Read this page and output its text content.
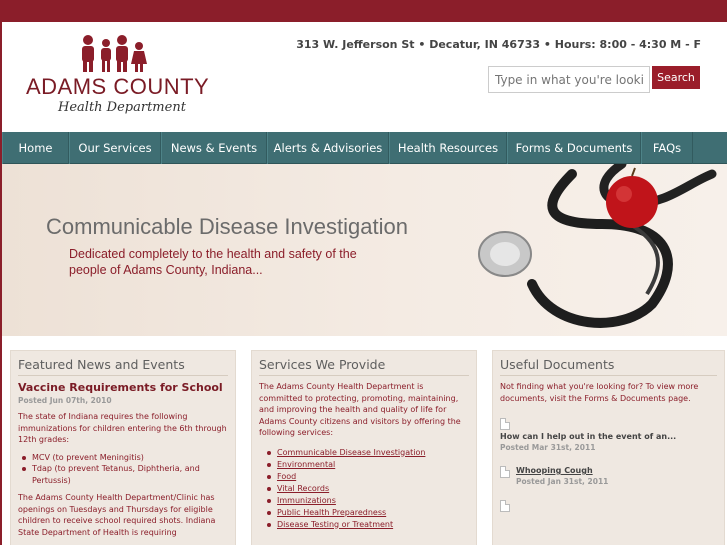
ADAMS COUNTY
Health Department
313 W. Jefferson St • Decatur, IN 46733 • Hours: 8:00 - 4:30 M - F
Type in what you're looking for
Search
Home	Our Services	News & Events	Alerts & Advisories	Health Resources	Forms & Documents	FAQs
Communicable Disease Investigation
Dedicated completely to the health and safety of the people of Adams County, Indiana...
Featured News and Events
Vaccine Requirements for School
Posted Jun 07th, 2010
The state of Indiana requires the following immunizations for children entering the 6th through 12th grades:
MCV (to prevent Meningitis)
Tdap (to prevent Tetanus, Diphtheria, and Pertussis)
The Adams County Health Department/Clinic has openings on Tuesdays and Thursdays for eligible children to receive school required shots. Indiana State Department of Health is requiring
Services We Provide
The Adams County Health Department is committed to protecting, promoting, maintaining, and improving the health and quality of life for Adams County citizens and visitors by offering the following services:
Communicable Disease Investigation
Environmental
Food
Vital Records
Immunizations
Public Health Preparedness
Disease Testing or Treatment
Useful Documents
Not finding what you're looking for? To view more documents, visit the Forms & Documents page.
How can I help out in the event of an...
Posted Mar 31st, 2011
Whooping Cough
Posted Jan 31st, 2011
